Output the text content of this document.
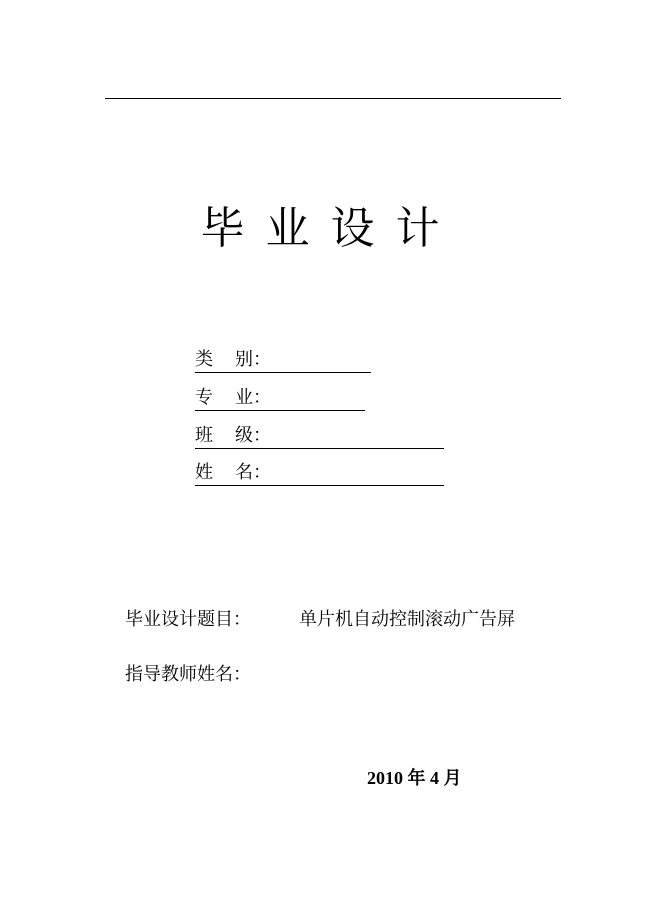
毕业设计
类 别：
专 业：
班 级：
姓 名：
毕业设计题目：	单片机自动控制滚动广告屏
指导教师姓名：
2010 年 4 月
